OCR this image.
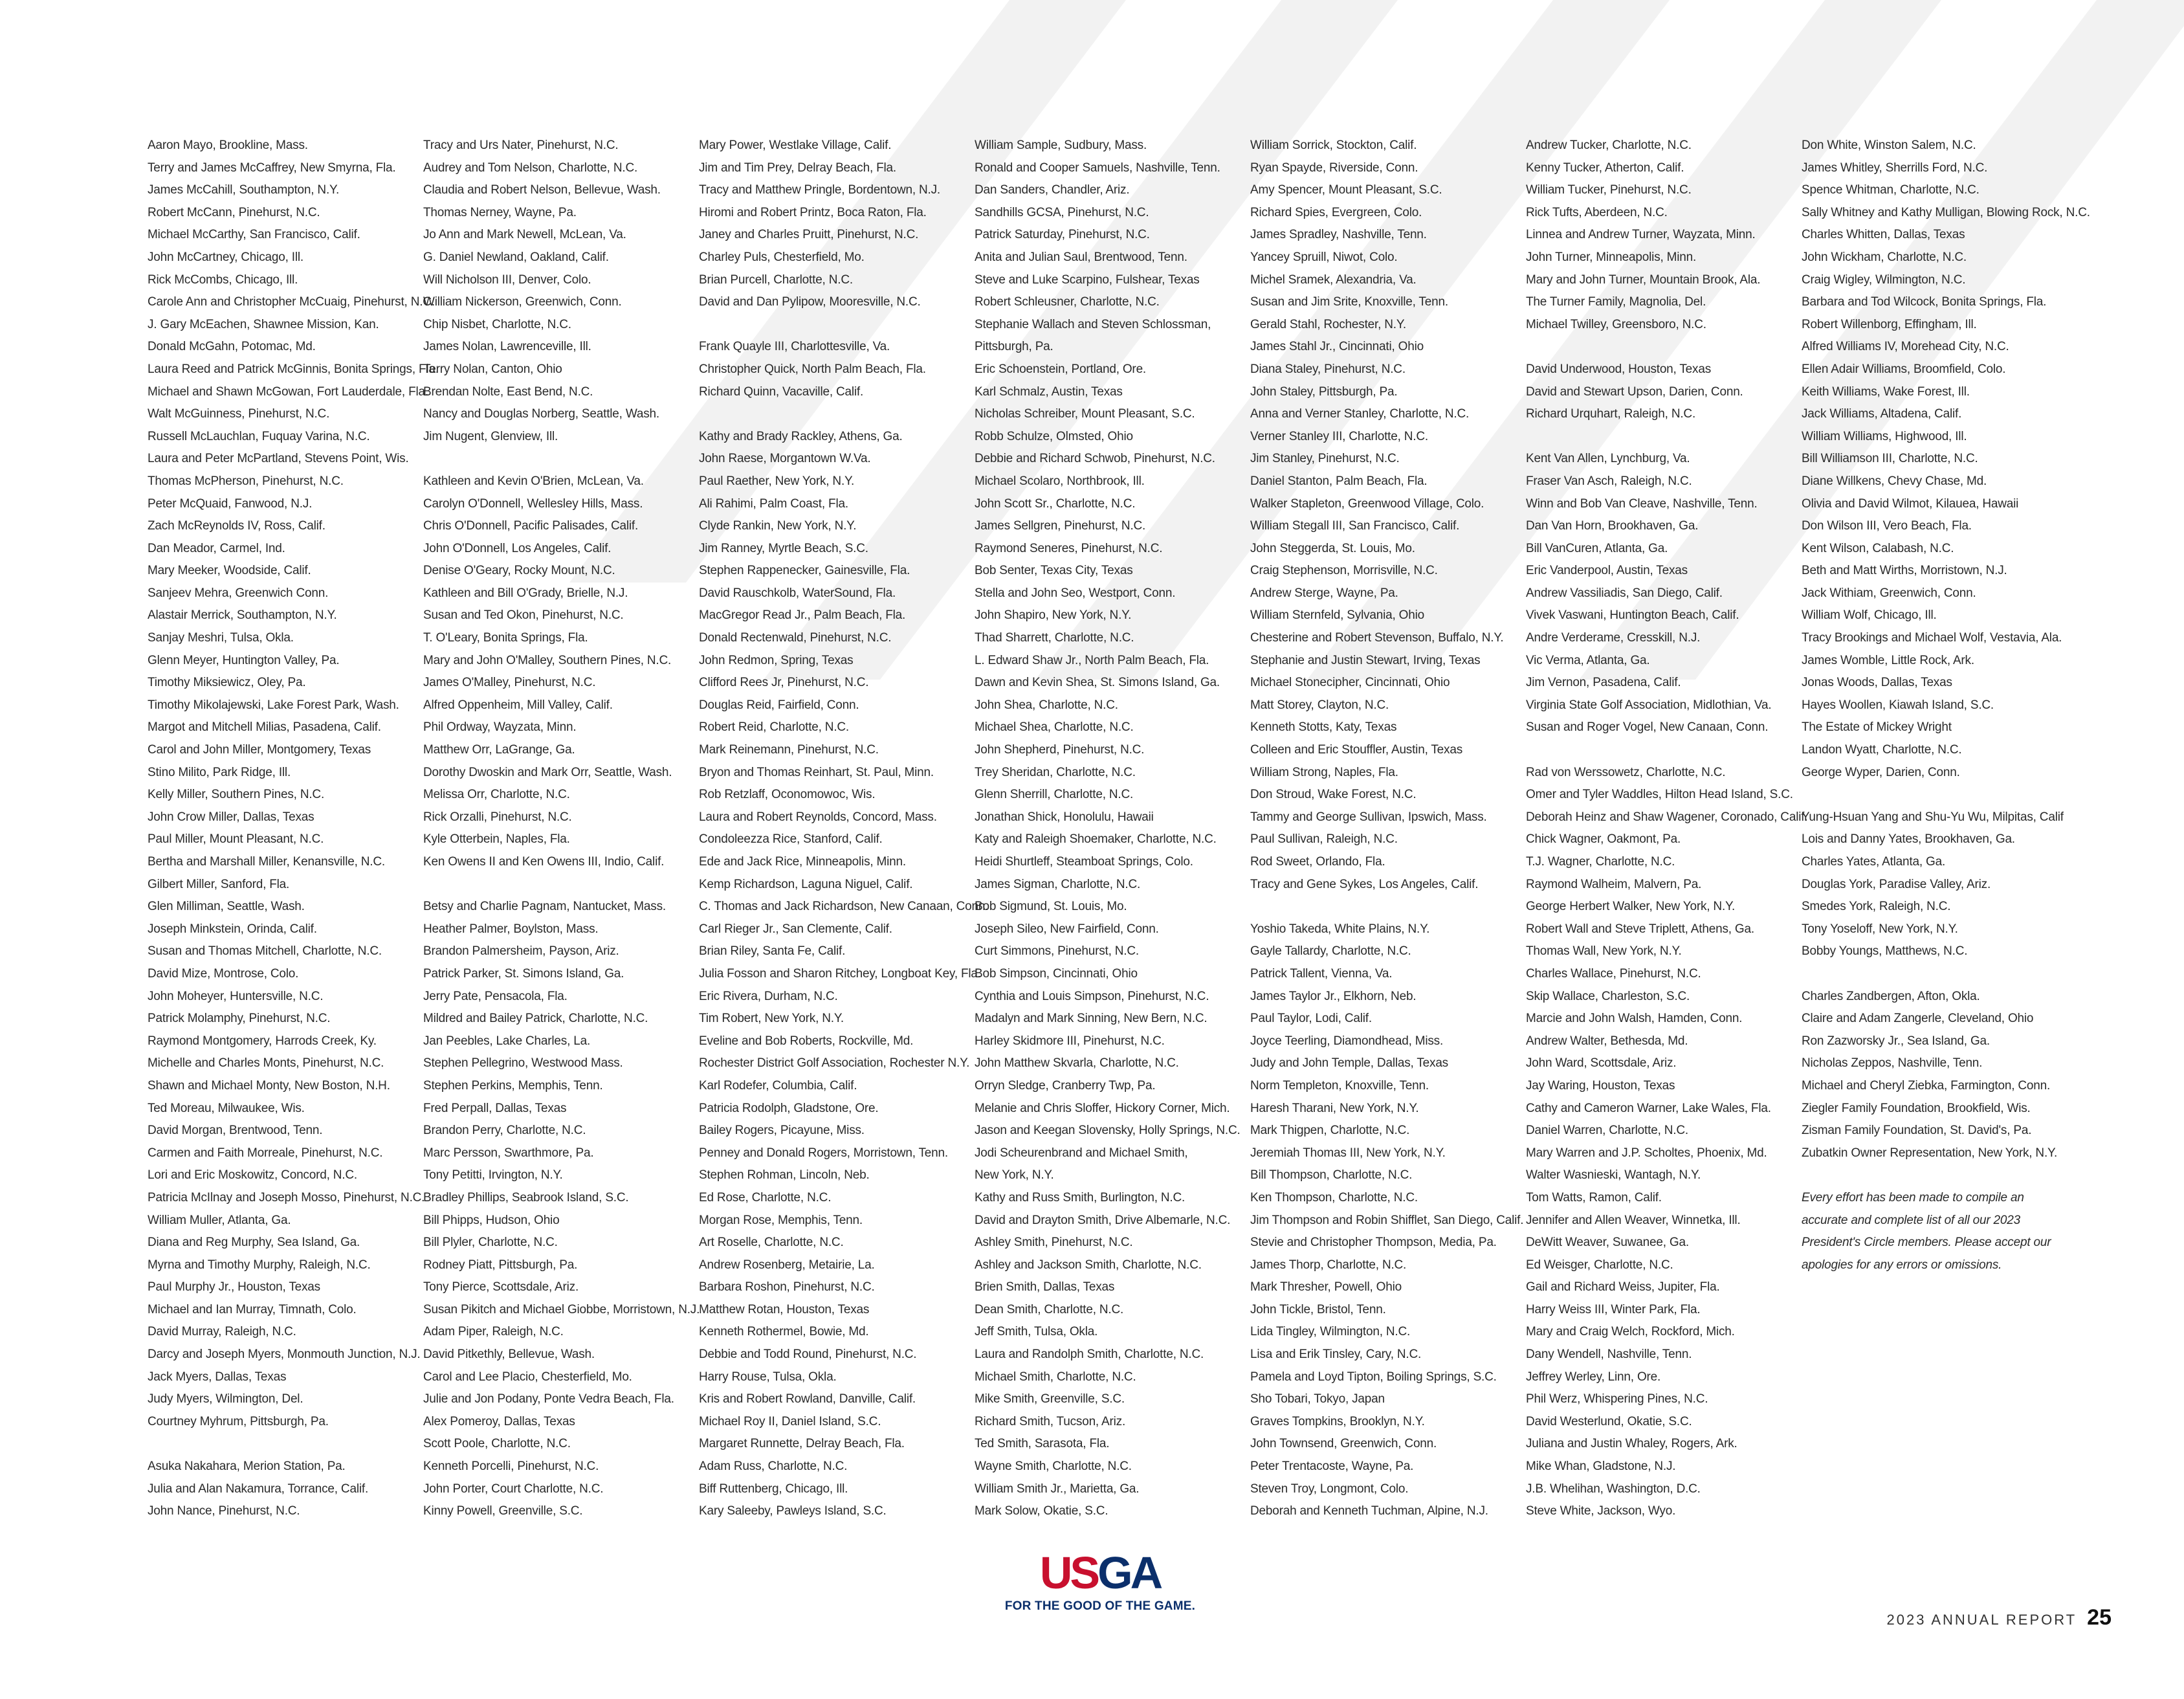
Aaron Mayo, Brookline, Mass.

Terry and James McCaffrey, New Smyrna, Fla.

James McCahill, Southampton, N.Y.

Robert McCann, Pinehurst, N.C.

Michael McCarthy, San Francisco, Calif.

John McCartney, Chicago, Ill.

Rick McCombs, Chicago, Ill.

Carole Ann and Christopher McCuaig, Pinehurst, N.C.

J. Gary McEachen, Shawnee Mission, Kan.

Donald McGahn, Potomac, Md.

Laura Reed and Patrick McGinnis, Bonita Springs, Fla.

Michael and Shawn McGowan, Fort Lauderdale, Fla.

Walt McGuinness, Pinehurst, N.C.

Russell McLauchlan, Fuquay Varina, N.C.

Laura and Peter McPartland, Stevens Point, Wis.

Thomas McPherson, Pinehurst, N.C.

Peter McQuaid, Fanwood, N.J.

Zach McReynolds IV, Ross, Calif.

Dan Meador, Carmel, Ind.

Mary Meeker, Woodside, Calif.

Sanjeev Mehra, Greenwich Conn.

Alastair Merrick, Southampton, N.Y.

Sanjay Meshri, Tulsa, Okla.

Glenn Meyer, Huntington Valley, Pa.

Timothy Miksiewicz, Oley, Pa.

Timothy Mikolajewski, Lake Forest Park, Wash.

Margot and Mitchell Milias, Pasadena, Calif.

Carol and John Miller, Montgomery, Texas

Stino Milito, Park Ridge, Ill.

Kelly Miller, Southern Pines, N.C.

John Crow Miller, Dallas, Texas

Paul Miller, Mount Pleasant, N.C.

Bertha and Marshall Miller, Kenansville, N.C.

Gilbert Miller, Sanford, Fla.

Glen Milliman, Seattle, Wash.

Joseph Minkstein, Orinda, Calif.

Susan and Thomas Mitchell, Charlotte, N.C.

David Mize, Montrose, Colo.

John Moheyer, Huntersville, N.C.

Patrick Molamphy, Pinehurst, N.C.

Raymond Montgomery, Harrods Creek, Ky.

Michelle and Charles Monts, Pinehurst, N.C.

Shawn and Michael Monty, New Boston, N.H.

Ted Moreau, Milwaukee, Wis.

David Morgan, Brentwood, Tenn.

Carmen and Faith Morreale, Pinehurst, N.C.

Lori and Eric Moskowitz, Concord, N.C.

Patricia McIlnay and Joseph Mosso, Pinehurst, N.C.

William Muller, Atlanta, Ga.

Diana and Reg Murphy, Sea Island, Ga.

Myrna and Timothy Murphy, Raleigh, N.C.

Paul Murphy Jr., Houston, Texas

Michael and Ian Murray, Timnath, Colo.

David Murray, Raleigh, N.C.

Darcy and Joseph Myers, Monmouth Junction, N.J.

Jack Myers, Dallas, Texas

Judy Myers, Wilmington, Del.

Courtney Myhrum, Pittsburgh, Pa.

Asuka Nakahara, Merion Station, Pa.

Julia and Alan Nakamura, Torrance, Calif.

John Nance, Pinehurst, N.C.

Tracy and Urs Nater, Pinehurst, N.C.

Audrey and Tom Nelson, Charlotte, N.C.

Claudia and Robert Nelson, Bellevue, Wash.

Thomas Nerney, Wayne, Pa.

Jo Ann and Mark Newell, McLean, Va.

G. Daniel Newland, Oakland, Calif.

Will Nicholson III, Denver, Colo.

William Nickerson, Greenwich, Conn.

Chip Nisbet, Charlotte, N.C.

James Nolan, Lawrenceville, Ill.

Terry Nolan, Canton, Ohio

Brendan Nolte, East Bend, N.C.

Nancy and Douglas Norberg, Seattle, Wash.

Jim Nugent, Glenview, Ill.

Kathleen and Kevin O'Brien, McLean, Va.

Carolyn O'Donnell, Wellesley Hills, Mass.

Chris O'Donnell, Pacific Palisades, Calif.

John O'Donnell, Los Angeles, Calif.

Denise O'Geary, Rocky Mount, N.C.

Kathleen and Bill O'Grady, Brielle, N.J.

Susan and Ted Okon, Pinehurst, N.C.

T. O'Leary, Bonita Springs, Fla.

Mary and John O'Malley, Southern Pines, N.C.

James O'Malley, Pinehurst, N.C.

Alfred Oppenheim, Mill Valley, Calif.

Phil Ordway, Wayzata, Minn.

Matthew Orr, LaGrange, Ga.

Dorothy Dwoskin and Mark Orr, Seattle, Wash.

Melissa Orr, Charlotte, N.C.

Rick Orzalli, Pinehurst, N.C.

Kyle Otterbein, Naples, Fla.

Ken Owens II and Ken Owens III, Indio, Calif.

Betsy and Charlie Pagnam, Nantucket, Mass.

Heather Palmer, Boylston, Mass.

Brandon Palmersheim, Payson, Ariz.

Patrick Parker, St. Simons Island, Ga.

Jerry Pate, Pensacola, Fla.

Mildred and Bailey Patrick, Charlotte, N.C.

Jan Peebles, Lake Charles, La.

Stephen Pellegrino, Westwood Mass.

Stephen Perkins, Memphis, Tenn.

Fred Perpall, Dallas, Texas

Brandon Perry, Charlotte, N.C.

Marc Persson, Swarthmore, Pa.

Tony Petitti, Irvington, N.Y.

Bradley Phillips, Seabrook Island, S.C.

Bill Phipps, Hudson, Ohio

Bill Plyler, Charlotte, N.C.

Rodney Piatt, Pittsburgh, Pa.

Tony Pierce, Scottsdale, Ariz.

Susan Pikitch and Michael Giobbe, Morristown, N.J.

Adam Piper, Raleigh, N.C.

David Pitkethly, Bellevue, Wash.

Carol and Lee Placio, Chesterfield, Mo.

Julie and Jon Podany, Ponte Vedra Beach, Fla.

Alex Pomeroy, Dallas, Texas

Scott Poole, Charlotte, N.C.

Kenneth Porcelli, Pinehurst, N.C.

John Porter, Court Charlotte, N.C.

Kinny Powell, Greenville, S.C.

Mary Power, Westlake Village, Calif.

Jim and Tim Prey, Delray Beach, Fla.

Tracy and Matthew Pringle, Bordentown, N.J.

Hiromi and Robert Printz, Boca Raton, Fla.

Janey and Charles Pruitt, Pinehurst, N.C.

Charley Puls, Chesterfield, Mo.

Brian Purcell, Charlotte, N.C.

David and Dan Pylipow, Mooresville, N.C.

Frank Quayle III, Charlottesville, Va.

Christopher Quick, North Palm Beach, Fla.

Richard Quinn, Vacaville, Calif.

Kathy and Brady Rackley, Athens, Ga.

John Raese, Morgantown W.Va.

Paul Raether, New York, N.Y.

Ali Rahimi, Palm Coast, Fla.

Clyde Rankin, New York, N.Y.

Jim Ranney, Myrtle Beach, S.C.

Stephen Rappenecker, Gainesville, Fla.

David Rauschkolb, WaterSound, Fla.

MacGregor Read Jr., Palm Beach, Fla.

Donald Rectenwald, Pinehurst, N.C.

John Redmon, Spring, Texas

Clifford Rees Jr, Pinehurst, N.C.

Douglas Reid, Fairfield, Conn.

Robert Reid, Charlotte, N.C.

Mark Reinemann, Pinehurst, N.C.

Bryon and Thomas Reinhart, St. Paul, Minn.

Rob Retzlaff, Oconomowoc, Wis.

Laura and Robert Reynolds, Concord, Mass.

Condoleezza Rice, Stanford, Calif.

Ede and Jack Rice, Minneapolis, Minn.

Kemp Richardson, Laguna Niguel, Calif.

C. Thomas and Jack Richardson, New Canaan, Conn.

Carl Rieger Jr., San Clemente, Calif.

Brian Riley, Santa Fe, Calif.

Julia Fosson and Sharon Ritchey, Longboat Key, Fla.

Eric Rivera, Durham, N.C.

Tim Robert, New York, N.Y.

Eveline and Bob Roberts, Rockville, Md.

Rochester District Golf Association, Rochester N.Y.

Karl Rodefer, Columbia, Calif.

Patricia Rodolph, Gladstone, Ore.

Bailey Rogers, Picayune, Miss.

Penney and Donald Rogers, Morristown, Tenn.

Stephen Rohman, Lincoln, Neb.

Ed Rose, Charlotte, N.C.

Morgan Rose, Memphis, Tenn.

Art Roselle, Charlotte, N.C.

Andrew Rosenberg, Metairie, La.

Barbara Roshon, Pinehurst, N.C.

Matthew Rotan, Houston, Texas

Kenneth Rothermel, Bowie, Md.

Debbie and Todd Round, Pinehurst, N.C.

Harry Rouse, Tulsa, Okla.

Kris and Robert Rowland, Danville, Calif.

Michael Roy II, Daniel Island, S.C.

Margaret Runnette, Delray Beach, Fla.

Adam Russ, Charlotte, N.C.

Biff Ruttenberg, Chicago, Ill.

Kary Saleeby, Pawleys Island, S.C.

William Sample, Sudbury, Mass.

Ronald and Cooper Samuels, Nashville, Tenn.

Dan Sanders, Chandler, Ariz.

Sandhills GCSA, Pinehurst, N.C.

Patrick Saturday, Pinehurst, N.C.

Anita and Julian Saul, Brentwood, Tenn.

Steve and Luke Scarpino, Fulshear, Texas

Robert Schleusner, Charlotte, N.C.

Stephanie Wallach and Steven Schlossman,

Pittsburgh, Pa.

Eric Schoenstein, Portland, Ore.

Karl Schmalz, Austin, Texas

Nicholas Schreiber, Mount Pleasant, S.C.

Robb Schulze, Olmsted, Ohio

Debbie and Richard Schwob, Pinehurst, N.C.

Michael Scolaro, Northbrook, Ill.

John Scott Sr., Charlotte, N.C.

James Sellgren, Pinehurst, N.C.

Raymond Seneres, Pinehurst, N.C.

Bob Senter, Texas City, Texas

Stella and John Seo, Westport, Conn.

John Shapiro, New York, N.Y.

Thad Sharrett, Charlotte, N.C.

L. Edward Shaw Jr., North Palm Beach, Fla.

Dawn and Kevin Shea, St. Simons Island, Ga.

John Shea, Charlotte, N.C.

Michael Shea, Charlotte, N.C.

John Shepherd, Pinehurst, N.C.

Trey Sheridan, Charlotte, N.C.

Glenn Sherrill, Charlotte, N.C.

Jonathan Shick, Honolulu, Hawaii

Katy and Raleigh Shoemaker, Charlotte, N.C.

Heidi Shurtleff, Steamboat Springs, Colo.

James Sigman, Charlotte, N.C.

Bob Sigmund, St. Louis, Mo.

Joseph Sileo, New Fairfield, Conn.

Curt Simmons, Pinehurst, N.C.

Bob Simpson, Cincinnati, Ohio

Cynthia and Louis Simpson, Pinehurst, N.C.

Madalyn and Mark Sinning, New Bern, N.C.

Harley Skidmore III, Pinehurst, N.C.

John Matthew Skvarla, Charlotte, N.C.

Orryn Sledge, Cranberry Twp, Pa.

Melanie and Chris Sloffer, Hickory Corner, Mich.

Jason and Keegan Slovensky, Holly Springs, N.C.

Jodi Scheurenbrand and Michael Smith,

New York, N.Y.

Kathy and Russ Smith, Burlington, N.C.

David and Drayton Smith, Drive Albemarle, N.C.

Ashley Smith, Pinehurst, N.C.

Ashley and Jackson Smith, Charlotte, N.C.

Brien Smith, Dallas, Texas

Dean Smith, Charlotte, N.C.

Jeff Smith, Tulsa, Okla.

Laura and Randolph Smith, Charlotte, N.C.

Michael Smith, Charlotte, N.C.

Mike Smith, Greenville, S.C.

Richard Smith, Tucson, Ariz.

Ted Smith, Sarasota, Fla.

Wayne Smith, Charlotte, N.C.

William Smith Jr., Marietta, Ga.

Mark Solow, Okatie, S.C.

William Sorrick, Stockton, Calif.

Ryan Spayde, Riverside, Conn.

Amy Spencer, Mount Pleasant, S.C.

Richard Spies, Evergreen, Colo.

James Spradley, Nashville, Tenn.

Yancey Spruill, Niwot, Colo.

Michel Sramek, Alexandria, Va.

Susan and Jim Srite, Knoxville, Tenn.

Gerald Stahl, Rochester, N.Y.

James Stahl Jr., Cincinnati, Ohio

Diana Staley, Pinehurst, N.C.

John Staley, Pittsburgh, Pa.

Anna and Verner Stanley, Charlotte, N.C.

Verner Stanley III, Charlotte, N.C.

Jim Stanley, Pinehurst, N.C.

Daniel Stanton, Palm Beach, Fla.

Walker Stapleton, Greenwood Village, Colo.

William Stegall III, San Francisco, Calif.

John Steggerda, St. Louis, Mo.

Craig Stephenson, Morrisville, N.C.

Andrew Sterge, Wayne, Pa.

William Sternfeld, Sylvania, Ohio

Chesterine and Robert Stevenson, Buffalo, N.Y.

Stephanie and Justin Stewart, Irving, Texas

Michael Stonecipher, Cincinnati, Ohio

Matt Storey, Clayton, N.C.

Kenneth Stotts, Katy, Texas

Colleen and Eric Stouffler, Austin, Texas

William Strong, Naples, Fla.

Don Stroud, Wake Forest, N.C.

Tammy and George Sullivan, Ipswich, Mass.

Paul Sullivan, Raleigh, N.C.

Rod Sweet, Orlando, Fla.

Tracy and Gene Sykes, Los Angeles, Calif.

Yoshio Takeda, White Plains, N.Y.

Gayle Tallardy, Charlotte, N.C.

Patrick Tallent, Vienna, Va.

James Taylor Jr., Elkhorn, Neb.

Paul Taylor, Lodi, Calif.

Joyce Teerling, Diamondhead, Miss.

Judy and John Temple, Dallas, Texas

Norm Templeton, Knoxville, Tenn.

Haresh Tharani, New York, N.Y.

Mark Thigpen, Charlotte, N.C.

Jeremiah Thomas III, New York, N.Y.

Bill Thompson, Charlotte, N.C.

Ken Thompson, Charlotte, N.C.

Jim Thompson and Robin Shifflet, San Diego, Calif.

Stevie and Christopher Thompson, Media, Pa.

James Thorp, Charlotte, N.C.

Mark Thresher, Powell, Ohio

John Tickle, Bristol, Tenn.

Lida Tingley, Wilmington, N.C.

Lisa and Erik Tinsley, Cary, N.C.

Pamela and Loyd Tipton, Boiling Springs, S.C.

Sho Tobari, Tokyo, Japan

Graves Tompkins, Brooklyn, N.Y.

John Townsend, Greenwich, Conn.

Peter Trentacoste, Wayne, Pa.

Steven Troy, Longmont, Colo.

Deborah and Kenneth Tuchman, Alpine, N.J.

Andrew Tucker, Charlotte, N.C.

Kenny Tucker, Atherton, Calif.

William Tucker, Pinehurst, N.C.

Rick Tufts, Aberdeen, N.C.

Linnea and Andrew Turner, Wayzata, Minn.

John Turner, Minneapolis, Minn.

Mary and John Turner, Mountain Brook, Ala.

The Turner Family, Magnolia, Del.

Michael Twilley, Greensboro, N.C.

David Underwood, Houston, Texas

David and Stewart Upson, Darien, Conn.

Richard Urquhart, Raleigh, N.C.

Kent Van Allen, Lynchburg, Va.

Fraser Van Asch, Raleigh, N.C.

Winn and Bob Van Cleave, Nashville, Tenn.

Dan Van Horn, Brookhaven, Ga.

Bill VanCuren, Atlanta, Ga.

Eric Vanderpool, Austin, Texas

Andrew Vassiliadis, San Diego, Calif.

Vivek Vaswani, Huntington Beach, Calif.

Andre Verderame, Cresskill, N.J.

Vic Verma, Atlanta, Ga.

Jim Vernon, Pasadena, Calif.

Virginia State Golf Association, Midlothian, Va.

Susan and Roger Vogel, New Canaan, Conn.

Rad von Werssowetz, Charlotte, N.C.

Omer and Tyler Waddles, Hilton Head Island, S.C.

Deborah Heinz and Shaw Wagener, Coronado, Calif.

Chick Wagner, Oakmont, Pa.

T.J. Wagner, Charlotte, N.C.

Raymond Walheim, Malvern, Pa.

George Herbert Walker, New York, N.Y.

Robert Wall and Steve Triplett, Athens, Ga.

Thomas Wall, New York, N.Y.

Charles Wallace, Pinehurst, N.C.

Skip Wallace, Charleston, S.C.

Marcie and John Walsh, Hamden, Conn.

Andrew Walter, Bethesda, Md.

John Ward, Scottsdale, Ariz.

Jay Waring, Houston, Texas

Cathy and Cameron Warner, Lake Wales, Fla.

Daniel Warren, Charlotte, N.C.

Mary Warren and J.P. Scholtes, Phoenix, Md.

Walter Wasnieski, Wantagh, N.Y.

Tom Watts, Ramon, Calif.

Jennifer and Allen Weaver, Winnetka, Ill.

DeWitt Weaver, Suwanee, Ga.

Ed Weisger, Charlotte, N.C.

Gail and Richard Weiss, Jupiter, Fla.

Harry Weiss III, Winter Park, Fla.

Mary and Craig Welch, Rockford, Mich.

Dany Wendell, Nashville, Tenn.

Jeffrey Werley, Linn, Ore.

Phil Werz, Whispering Pines, N.C.

David Westerlund, Okatie, S.C.

Juliana and Justin Whaley, Rogers, Ark.

Mike Whan, Gladstone, N.J.

J.B. Whelihan, Washington, D.C.

Steve White, Jackson, Wyo.

Don White, Winston Salem, N.C.

James Whitley, Sherrills Ford, N.C.

Spence Whitman, Charlotte, N.C.

Sally Whitney and Kathy Mulligan, Blowing Rock, N.C.

Charles Whitten, Dallas, Texas

John Wickham, Charlotte, N.C.

Craig Wigley, Wilmington, N.C.

Barbara and Tod Wilcock, Bonita Springs, Fla.

Robert Willenborg, Effingham, Ill.

Alfred Williams IV, Morehead City, N.C.

Ellen Adair Williams, Broomfield, Colo.

Keith Williams, Wake Forest, Ill.

Jack Williams, Altadena, Calif.

William Williams, Highwood, Ill.

Bill Williamson III, Charlotte, N.C.

Diane Willkens, Chevy Chase, Md.

Olivia and David Wilmot, Kilauea, Hawaii

Don Wilson III, Vero Beach, Fla.

Kent Wilson, Calabash, N.C.

Beth and Matt Wirths, Morristown, N.J.

Jack Withiam, Greenwich, Conn.

William Wolf, Chicago, Ill.

Tracy Brookings and Michael Wolf, Vestavia, Ala.

James Womble, Little Rock, Ark.

Jonas Woods, Dallas, Texas

Hayes Woollen, Kiawah Island, S.C.

The Estate of Mickey Wright

Landon Wyatt, Charlotte, N.C.

George Wyper, Darien, Conn.

Yung-Hsuan Yang and Shu-Yu Wu, Milpitas, Calif

Lois and Danny Yates, Brookhaven, Ga.

Charles Yates, Atlanta, Ga.

Douglas York, Paradise Valley, Ariz.

Smedes York, Raleigh, N.C.

Tony Yoseloff, New York, N.Y.

Bobby Youngs, Matthews, N.C.

Charles Zandbergen, Afton, Okla.

Claire and Adam Zangerle, Cleveland, Ohio

Ron Zazworsky Jr., Sea Island, Ga.

Nicholas Zeppos, Nashville, Tenn.

Michael and Cheryl Ziebka, Farmington, Conn.

Ziegler Family Foundation, Brookfield, Wis.

Zisman Family Foundation, St. David's, Pa.

Zubatkin Owner Representation, New York, N.Y.

Every effort has been made to compile an

accurate and complete list of all our 2023

President's Circle members. Please accept our

apologies for any errors or omissions.

USGA
FOR THE GOOD OF THE GAME.
2023 ANNUAL REPORT 25
